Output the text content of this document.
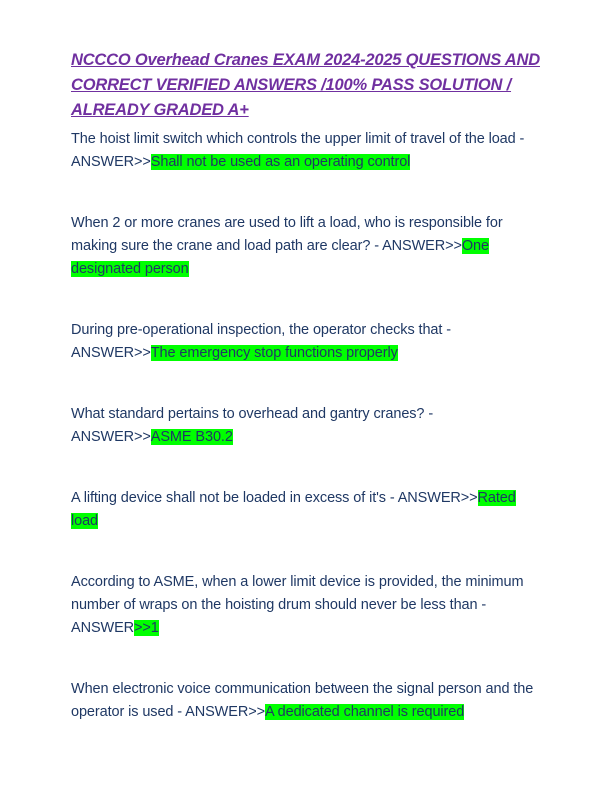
NCCCO Overhead Cranes EXAM 2024-2025 QUESTIONS AND CORRECT VERIFIED ANSWERS /100% PASS SOLUTION / ALREADY GRADED A+

The hoist limit switch which controls the upper limit of travel of the load - ANSWER>>Shall not be used as an operating control

When 2 or more cranes are used to lift a load, who is responsible for making sure the crane and load path are clear? - ANSWER>>One designated person

During pre-operational inspection, the operator checks that - ANSWER>>The emergency stop functions properly

What standard pertains to overhead and gantry cranes? - ANSWER>>ASME B30.2

A lifting device shall not be loaded in excess of it's - ANSWER>>Rated load

According to ASME, when a lower limit device is provided, the minimum number of wraps on the hoisting drum should never be less than - ANSWER>>1

When electronic voice communication between the signal person and the operator is used - ANSWER>>A dedicated channel is required
